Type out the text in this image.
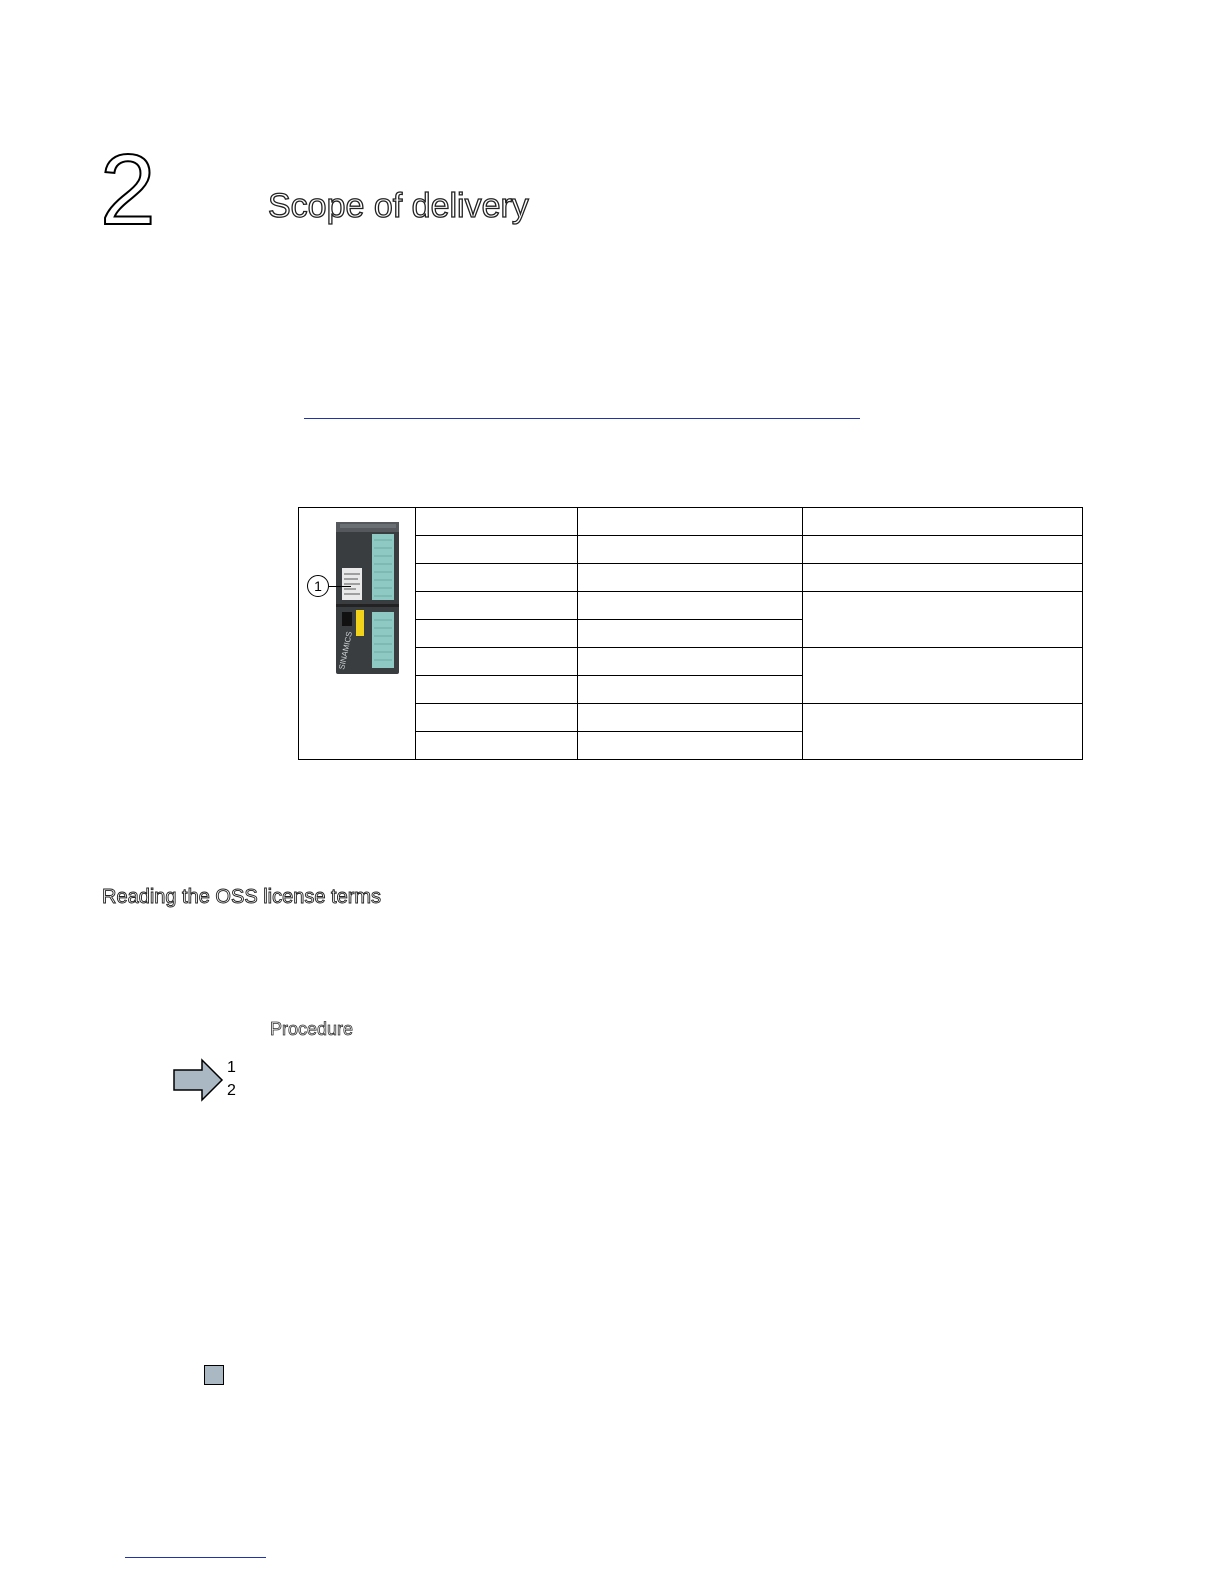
2	Scope of delivery
SINAMICS
1			

Reading the OSS license terms
Procedure
1
2
